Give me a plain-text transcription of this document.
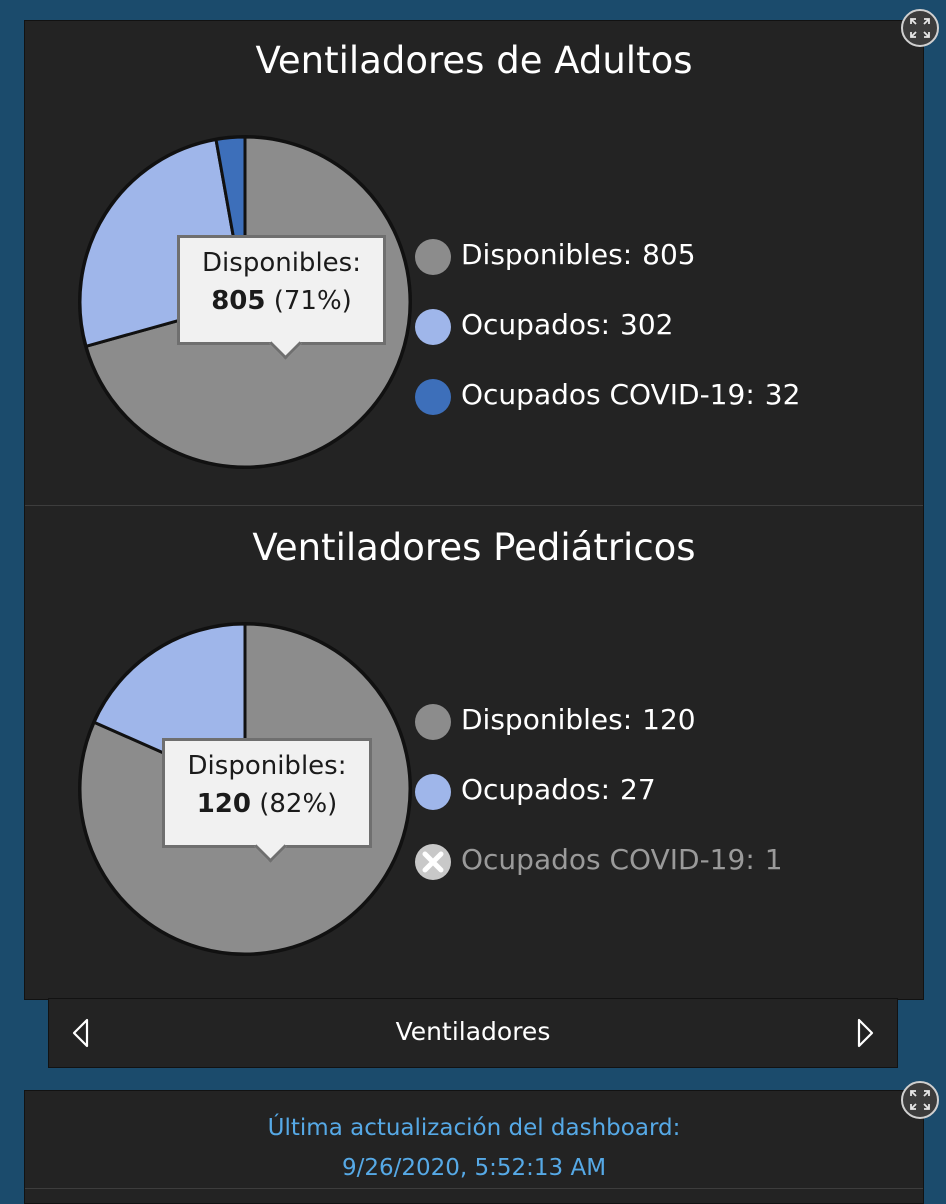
Ventiladores de Adultos
Disponibles:
805 (71%)
Disponibles: 805
Ocupados: 302
Ocupados COVID-19: 32
Ventiladores Pediátricos
Disponibles:
120 (82%)
Disponibles: 120
Ocupados: 27
Ocupados COVID-19: 1
Ventiladores
Última actualización del dashboard:
9/26/2020, 5:52:13 AM
